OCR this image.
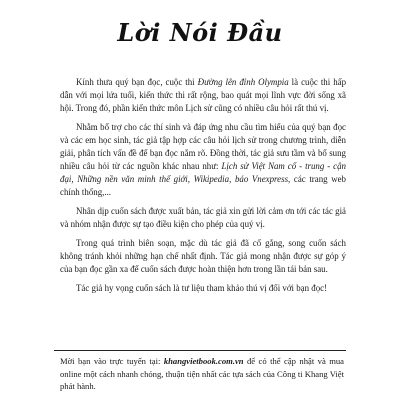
Lời Nói Đầu

Kính thưa quý bạn đọc, cuộc thi Đường lên đỉnh Olympia là cuộc thi hấp dẫn với mọi lứa tuổi, kiến thức thi rất rộng, bao quát mọi lĩnh vực đời sống xã hội. Trong đó, phần kiến thức môn Lịch sử cũng có nhiều câu hỏi rất thú vị.

Nhằm bổ trợ cho các thí sinh và đáp ứng nhu cầu tìm hiểu của quý bạn đọc và các em học sinh, tác giả tập hợp các câu hỏi lịch sử trong chương trình, diễn giải, phân tích vấn đề để bạn đọc nắm rõ. Đồng thời, tác giả sưu tầm và bổ sung nhiều câu hỏi từ các nguồn khác nhau như: Lịch sử Việt Nam cổ - trung - cận đại, Những nền văn minh thế giới, Wikipedia, báo Vnexpress, các trang web chính thống,...

Nhân dịp cuốn sách được xuất bản, tác giả xin gửi lời cảm ơn tới các tác giả và nhóm nhận được sự tạo điều kiện cho phép của quý vị.

Trong quá trình biên soạn, mặc dù tác giả đã cố gắng, song cuốn sách không tránh khỏi những hạn chế nhất định. Tác giả mong nhận được sự góp ý của bạn đọc gần xa để cuốn sách được hoàn thiện hơn trong lần tái bản sau.

Tác giả hy vọng cuốn sách là tư liệu tham khảo thú vị đối với bạn đọc!

Mời bạn vào trực tuyến tại: khangvietbook.com.vn để có thể cập nhật và mua online một cách nhanh chóng, thuận tiện nhất các tựa sách của Công ti Khang Việt phát hành.
